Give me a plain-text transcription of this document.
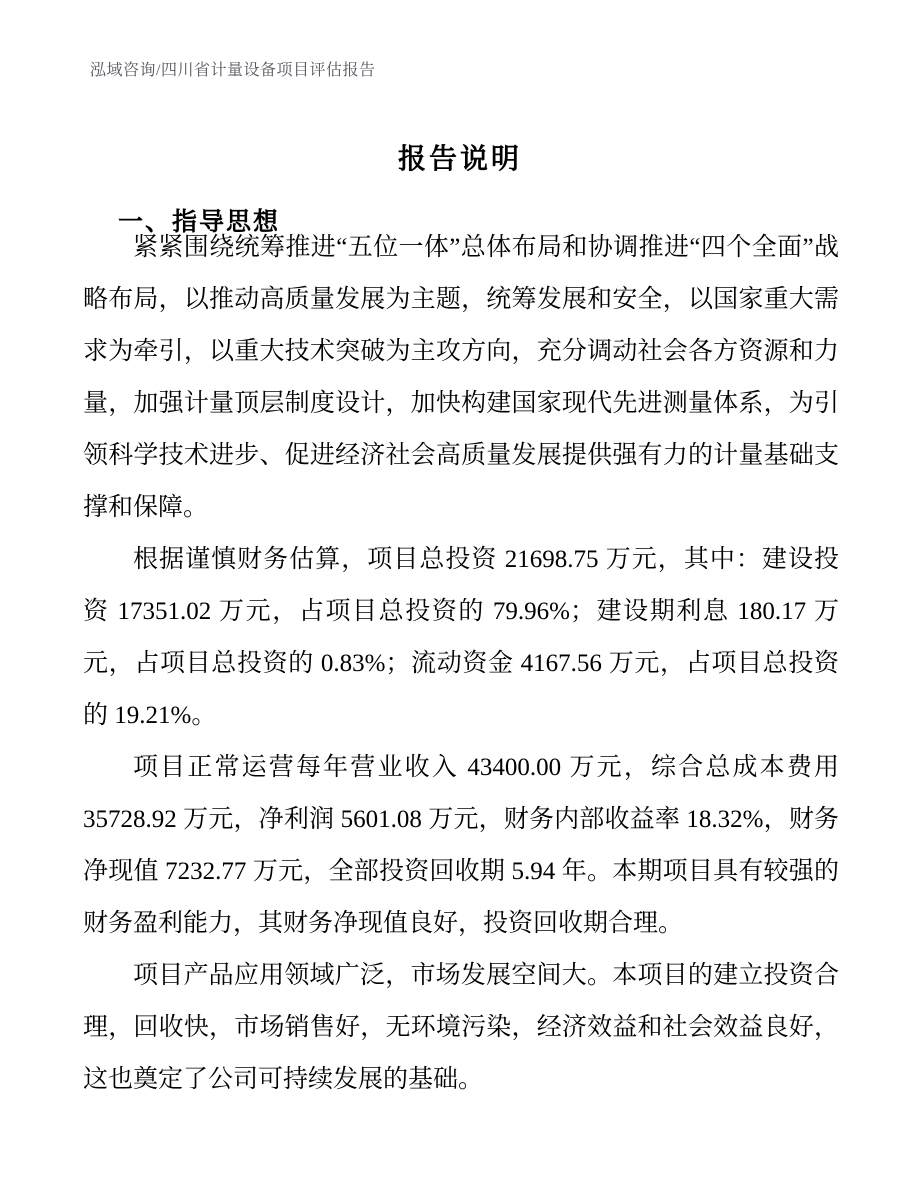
泓域咨询/四川省计量设备项目评估报告
报告说明
一、指导思想

紧紧围绕统筹推进“五位一体”总体布局和协调推进“四个全面”战略布局，以推动高质量发展为主题，统筹发展和安全，以国家重大需求为牵引，以重大技术突破为主攻方向，充分调动社会各方资源和力量，加强计量顶层制度设计，加快构建国家现代先进测量体系，为引领科学技术进步、促进经济社会高质量发展提供强有力的计量基础支撑和保障。

根据谨慎财务估算，项目总投资 21698.75 万元，其中：建设投资 17351.02 万元，占项目总投资的 79.96%；建设期利息 180.17 万元，占项目总投资的 0.83%；流动资金 4167.56 万元，占项目总投资的 19.21%。

项目正常运营每年营业收入 43400.00 万元，综合总成本费用 35728.92 万元，净利润 5601.08 万元，财务内部收益率 18.32%，财务净现值 7232.77 万元，全部投资回收期 5.94 年。本期项目具有较强的财务盈利能力，其财务净现值良好，投资回收期合理。

项目产品应用领域广泛，市场发展空间大。本项目的建立投资合理，回收快，市场销售好，无环境污染，经济效益和社会效益良好，这也奠定了公司可持续发展的基础。
